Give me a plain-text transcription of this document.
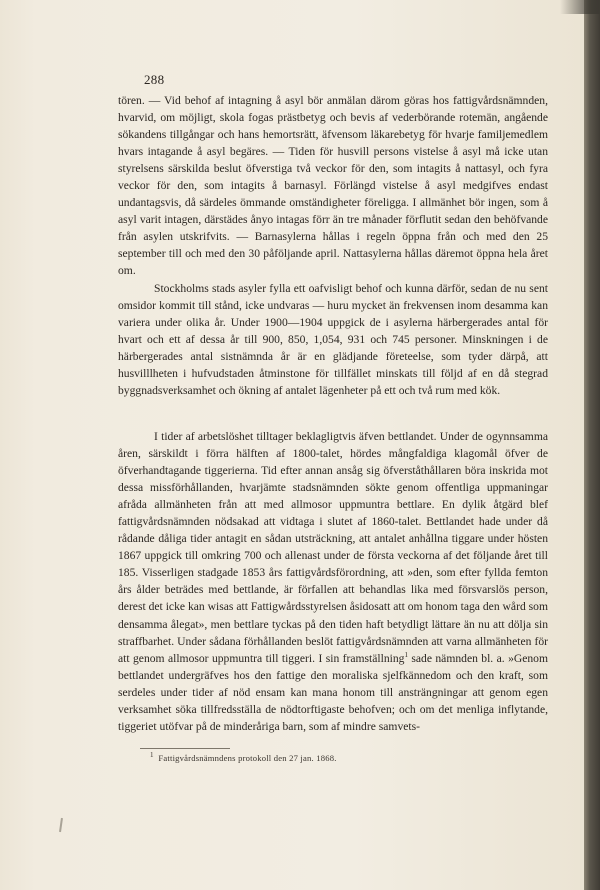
288

tören. — Vid behof af intagning å asyl bör anmälan därom göras hos fattigvårdsnämnden, hvarvid, om möjligt, skola fogas prästbetyg och bevis af vederbörande rotemän, angående sökandens tillgångar och hans hemortsrätt, äfvensom läkarebetyg för hvarje familjemedlem hvars intagande å asyl begäres. — Tiden för husvill persons vistelse å asyl må icke utan styrelsens särskilda beslut öfverstiga två veckor för den, som intagits å nattasyl, och fyra veckor för den, som intagits å barnasyl. Förlängd vistelse å asyl medgifves endast undantagsvis, då särdeles ömmande omständigheter föreligga. I allmänhet bör ingen, som å asyl varit intagen, därstädes ånyo intagas förr än tre månader förflutit sedan den behöfvande från asylen utskrifvits. — Barnasylerna hållas i regeln öppna från och med den 25 september till och med den 30 påföljande april. Nattasylerna hållas däremot öppna hela året om.

Stockholms stads asyler fylla ett oafvisligt behof och kunna därför, sedan de nu sent omsidor kommit till stånd, icke undvaras — huru mycket än frekvensen inom desamma kan variera under olika år. Under 1900—1904 uppgick de i asylerna härbergerades antal för hvart och ett af dessa år till 900, 850, 1,054, 931 och 745 personer. Minskningen i de härbergerades antal sistnämnda år är en glädjande företeelse, som tyder därpå, att husvilllheten i hufvudstaden åtminstone för tillfället minskats till följd af en då stegrad byggnadsverksamhet och ökning af antalet lägenheter på ett och två rum med kök.

I tider af arbetslöshet tilltager beklagligtvis äfven bettlandet. Under de ogynnsamma åren, särskildt i förra hälften af 1800-talet, hördes mångfaldiga klagomål öfver de öfverhandtagande tiggerierna. Tid efter annan ansåg sig öfverståthållaren böra inskrida mot dessa missförhållanden, hvarjämte stadsnämnden sökte genom offentliga uppmaningar afråda allmänheten från att med allmosor uppmuntra bettlare. En dylik åtgärd blef fattigvårdsnämnden nödsakad att vidtaga i slutet af 1860-talet. Bettlandet hade under då rådande dåliga tider antagit en sådan utsträckning, att antalet anhållna tiggare under hösten 1867 uppgick till omkring 700 och allenast under de första veckorna af det följande året till 185. Visserligen stadgade 1853 års fattigvårdsförordning, att »den, som efter fyllda femton års ålder beträdes med bettlande, är förfallen att behandlas lika med försvarslös person, derest det icke kan wisas att Fattigwårdsstyrelsen åsidosatt att om honom taga den wård som densamma ålegat», men bettlare tyckas på den tiden haft betydligt lättare än nu att dölja sin straffbarhet. Under sådana förhållanden beslöt fattigvårdsnämnden att varna allmänheten för att genom allmosor uppmuntra till tiggeri. I sin framställning$^1$ sade nämnden bl. a. »Genom bettlandet undergräfves hos den fattige den moraliska sjelfkännedom och den kraft, som serdeles under tider af nöd ensam kan mana honom till ansträngningar att genom egen verksamhet söka tillfredsställa de nödtorftigaste behofven; och om det menliga inflytande, tiggeriet utöfvar på de minderåriga barn, som af mindre samvets-

$^1$ Fattigvårdsnämndens protokoll den 27 jan. 1868.
